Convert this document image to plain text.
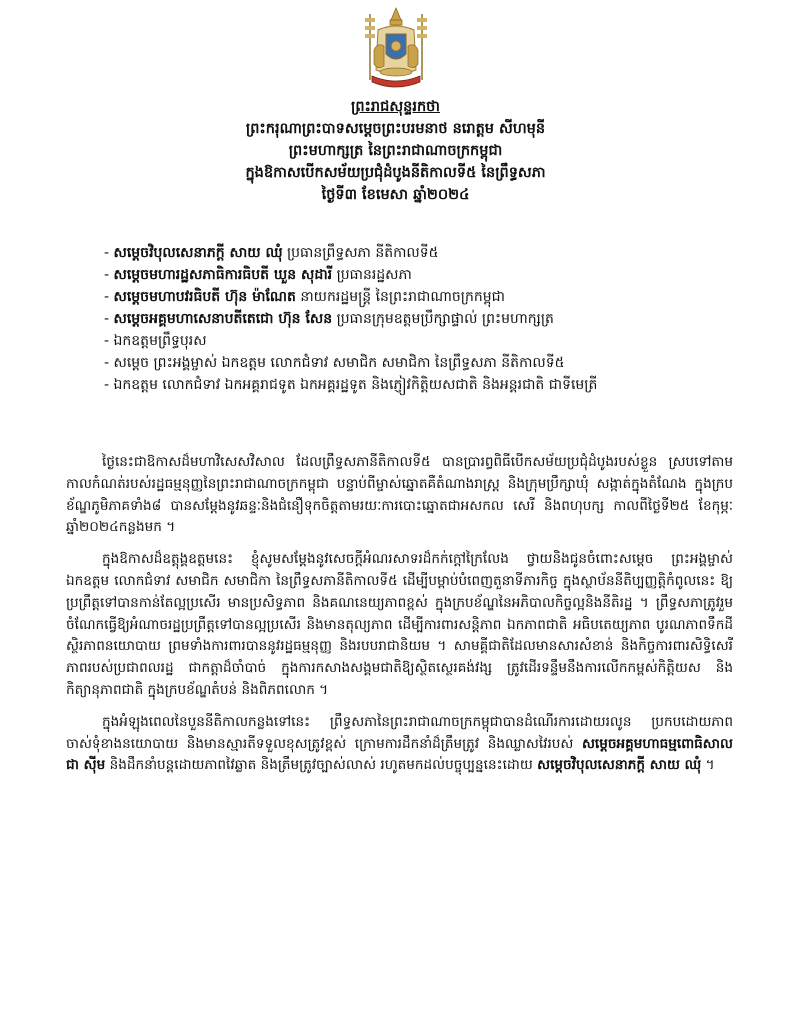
ព្រះរាជសុន្ទរកថា
ព្រះករុណាព្រះបាទសម្ដេចព្រះបរមនាថ នរោត្តម សីហមុនី
ព្រះមហាក្សត្រ នៃព្រះរាជាណាចក្រកម្ពុជា
ក្នុងឱកាសបើកសម័យប្រជុំដំបូងនីតិកាលទី៥ នៃព្រឹទ្ធសភា
ថ្ងៃទី៣ ខែមេសា ឆ្នាំ២០២៤
- សម្ដេចវិបុលសេនាភក្ដី សាយ ឈុំ ប្រធានព្រឹទ្ធសភា នីតិកាលទី៥
- សម្ដេចមហារដ្ឋសភាធិការធិបតី ឃួន សុដារី ប្រធានរដ្ឋសភា
- សម្ដេចមហាបវរធិបតី ហ៊ុន ម៉ាណែត នាយករដ្ឋមន្ត្រី នៃព្រះរាជាណាចក្រកម្ពុជា
- សម្ដេចអគ្គមហាសេនាបតីតេជោ ហ៊ុន សែន ប្រធានក្រុមឧត្ដមប្រឹក្សាផ្ទាល់ ព្រះមហាក្សត្រ
- ឯកឧត្តមព្រឹទ្ធបុរស
- សម្ដេច ព្រះអង្គម្ចាស់ ឯកឧត្ដម លោកជំទាវ សមាជិក សមាជិកា នៃព្រឹទ្ធសភា នីតិកាលទី៥
- ឯកឧត្តម លោកជំទាវ ឯកអគ្គរាជទូត ឯកអគ្គរដ្ឋទូត និងភ្ញៀវកិត្តិយសជាតិ និងអន្តរជាតិ ជាទីមេត្រី

ថ្ងៃនេះជាឱកាសដ៏មហាវិសេសវិសាល ដែលព្រឹទ្ធសភានីតិកាលទី៥ បានប្រារព្ធពិធីបើកសម័យប្រជុំដំបូងរបស់ខ្លួន ស្របទៅតាមកាលកំណត់របស់រដ្ឋធម្មនុញ្ញនៃព្រះរាជាណាចក្រកម្ពុជា បន្ទាប់ពីម្ចាស់ឆ្នោតគឺតំណាងរាស្ត្រ និងក្រុមប្រឹក្សាឃុំ សង្កាត់ក្នុងតំណែង ក្នុងក្របខ័ណ្ឌភូមិភាគទាំង៨ បានសម្ដែងនូវឆន្ទៈនិងជំនឿទុកចិត្តតាមរយៈការបោះឆ្នោតជាអសកល សេរី និងពហុបក្ស កាលពីថ្ងៃទី២៥ ខែកុម្ភៈ ឆ្នាំ២០២៤កន្លងមក ។

ក្នុងឱកាសដ៏ឧត្តុង្គឧត្តមនេះ ខ្ញុំសូមសម្ដែងនូវសេចក្ដីអំណរសាទរដ៏កក់ក្ដៅក្រៃលែង ថ្វាយនិងជូនចំពោះសម្ដេច ព្រះអង្គម្ចាស់ ឯកឧត្ដម លោកជំទាវ សមាជិក សមាជិកា នៃព្រឹទ្ធសភានីតិកាលទី៥ ដើម្បីបម្ពាប់បំពេញតួនាទីភារកិច្ច ក្នុងស្ថាប័ននីតិប្បញ្ញត្តិកំពូលនេះ ឱ្យប្រព្រឹត្តទៅបានកាន់តែល្អប្រសើរ មានប្រសិទ្ធភាព និងគណនេយ្យភាពខ្ពស់ ក្នុងក្របខ័ណ្ឌនៃអភិបាលកិច្ចល្អនិងនីតិរដ្ឋ ។ ព្រឹទ្ធសភាត្រូវរួមចំណែកធ្វើឱ្យអំណាចរដ្ឋប្រព្រឹត្តទៅបានល្អប្រសើរ និងមានតុល្យភាព ដើម្បីការពារសន្តិភាព ឯកភាពជាតិ អធិបតេយ្យភាព បូរណភាពទឹកដី ស្ថិរភាពនយោបាយ ព្រមទាំងការពារបាននូវរដ្ឋធម្មនុញ្ញ និងរបបរាជានិយម ។ សាមគ្គីជាតិដែលមានសារសំខាន់ និងកិច្ចការពារសិទ្ធិសេរីភាពរបស់ប្រជាពលរដ្ឋ ជាកត្តាដ៏ចាំបាច់ ក្នុងការកសាងសង្គមជាតិឱ្យស្ថិតស្ថេរគង់វង្ស ត្រូវដើរទន្ទឹមនឹងការលើកកម្ពស់កិត្តិយស និងកិត្យានុភាពជាតិ ក្នុងក្របខ័ណ្ឌតំបន់ និងពិភពលោក ។

ក្នុងអំឡុងពេលនៃបួននីតិកាលកន្លងទៅនេះ ព្រឹទ្ធសភានៃព្រះរាជាណាចក្រកម្ពុជាបានដំណើរការដោយរលូន ប្រកបដោយភាពចាស់ទុំខាងនយោបាយ និងមានស្មារតីទទួលខុសត្រូវខ្ពស់ ក្រោមការដឹកនាំដ៏ត្រឹមត្រូវ និងឈ្លាសវៃរបស់ សម្ដេចអគ្គមហាធម្មពោធិសាល ជា ស៊ីម និងដឹកនាំបន្តដោយភាពវៃឆ្លាត និងត្រឹមត្រូវច្បាស់លាស់ រហូតមកដល់បច្ចុប្បន្ននេះដោយ សម្ដេចវិបុលសេនាភក្ដី សាយ ឈុំ ។
